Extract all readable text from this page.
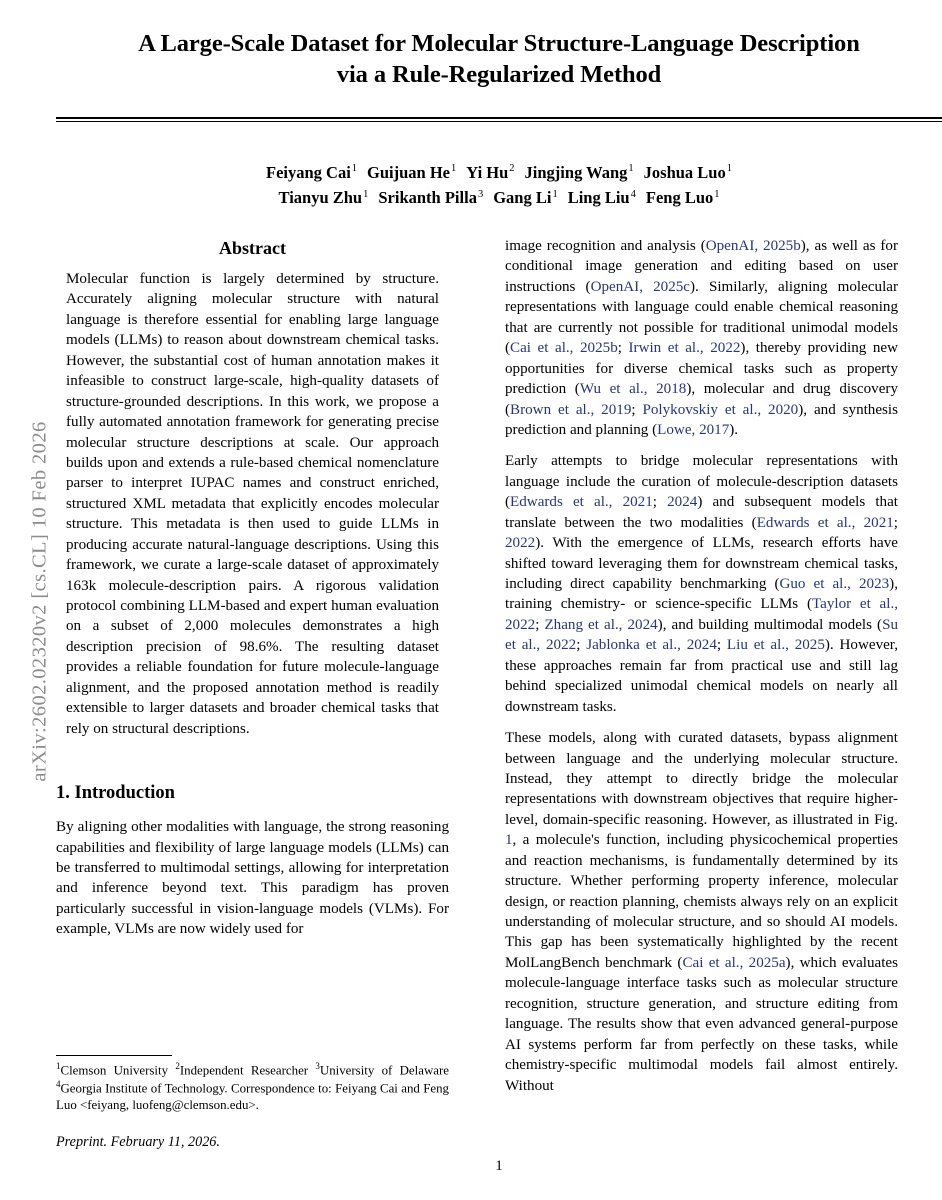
arXiv:2602.02320v2 [cs.CL] 10 Feb 2026
A Large-Scale Dataset for Molecular Structure-Language Description
via a Rule-Regularized Method
Feiyang Cai$^1$ Guijuan He$^1$ Yi Hu$^2$ Jingjing Wang$^1$ Joshua Luo$^1$
Tianyu Zhu$^1$ Srikanth Pilla$^3$ Gang Li$^1$ Ling Liu$^4$ Feng Luo$^1$
Abstract

Molecular function is largely determined by structure. Accurately aligning molecular structure with natural language is therefore essential for enabling large language models (LLMs) to reason about downstream chemical tasks. However, the substantial cost of human annotation makes it infeasible to construct large-scale, high-quality datasets of structure-grounded descriptions. In this work, we propose a fully automated annotation framework for generating precise molecular structure descriptions at scale. Our approach builds upon and extends a rule-based chemical nomenclature parser to interpret IUPAC names and construct enriched, structured XML metadata that explicitly encodes molecular structure. This metadata is then used to guide LLMs in producing accurate natural-language descriptions. Using this framework, we curate a large-scale dataset of approximately 163k molecule-description pairs. A rigorous validation protocol combining LLM-based and expert human evaluation on a subset of 2,000 molecules demonstrates a high description precision of 98.6%. The resulting dataset provides a reliable foundation for future molecule-language alignment, and the proposed annotation method is readily extensible to larger datasets and broader chemical tasks that rely on structural descriptions.

1. Introduction

By aligning other modalities with language, the strong reasoning capabilities and flexibility of large language models (LLMs) can be transferred to multimodal settings, allowing for interpretation and inference beyond text. This paradigm has proven particularly successful in vision-language models (VLMs). For example, VLMs are now widely used for

image recognition and analysis (OpenAI, 2025b), as well as for conditional image generation and editing based on user instructions (OpenAI, 2025c). Similarly, aligning molecular representations with language could enable chemical reasoning that are currently not possible for traditional unimodal models (Cai et al., 2025b; Irwin et al., 2022), thereby providing new opportunities for diverse chemical tasks such as property prediction (Wu et al., 2018), molecular and drug discovery (Brown et al., 2019; Polykovskiy et al., 2020), and synthesis prediction and planning (Lowe, 2017).

Early attempts to bridge molecular representations with language include the curation of molecule-description datasets (Edwards et al., 2021; 2024) and subsequent models that translate between the two modalities (Edwards et al., 2021; 2022). With the emergence of LLMs, research efforts have shifted toward leveraging them for downstream chemical tasks, including direct capability benchmarking (Guo et al., 2023), training chemistry- or science-specific LLMs (Taylor et al., 2022; Zhang et al., 2024), and building multimodal models (Su et al., 2022; Jablonka et al., 2024; Liu et al., 2025). However, these approaches remain far from practical use and still lag behind specialized unimodal chemical models on nearly all downstream tasks.

These models, along with curated datasets, bypass alignment between language and the underlying molecular structure. Instead, they attempt to directly bridge the molecular representations with downstream objectives that require higher-level, domain-specific reasoning. However, as illustrated in Fig. 1, a molecule's function, including physicochemical properties and reaction mechanisms, is fundamentally determined by its structure. Whether performing property inference, molecular design, or reaction planning, chemists always rely on an explicit understanding of molecular structure, and so should AI models. This gap has been systematically highlighted by the recent MolLangBench benchmark (Cai et al., 2025a), which evaluates molecule-language interface tasks such as molecular structure recognition, structure generation, and structure editing from language. The results show that even advanced general-purpose AI systems perform far from perfectly on these tasks, while chemistry-specific multimodal models fail almost entirely. Without

$^1$Clemson University $^2$Independent Researcher $^3$University of Delaware $^4$Georgia Institute of Technology. Correspondence to: Feiyang Cai and Feng Luo <feiyang, luofeng@clemson.edu>.

Preprint. February 11, 2026.
1
